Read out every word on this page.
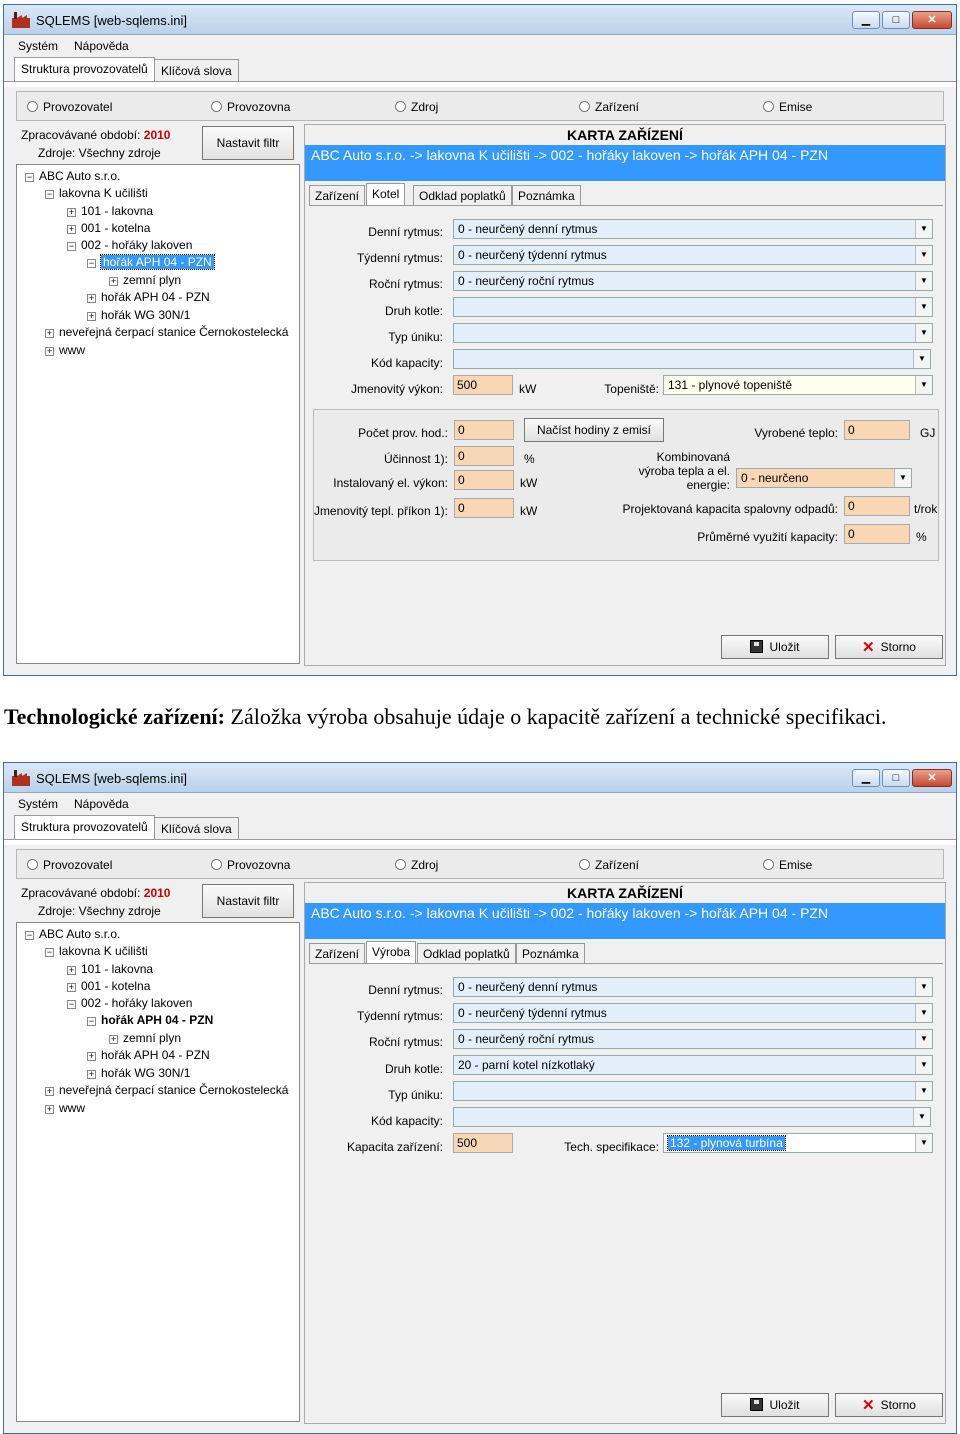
SQLEMS [web-sqlems.ini]	▁	□	✕
Systém Nápověda
Struktura provozovatelů	Klíčová slova
Provozovatel	Provozovna	Zdroj	Zařízení	Emise
Zpracovávané období: 2010
Zdroje: Všechny zdroje
Nastavit filtr
− ABC Auto s.r.o.
− lakovna K učilišti
+ 101 - lakovna
+ 001 - kotelna
− 002 - hořáky lakoven
− hořák APH 04 - PZN
+ zemní plyn
+ hořák APH 04 - PZN
+ hořák WG 30N/1
+ neveřejná čerpací stanice Černokostelecká
+ www
KARTA ZAŘÍZENÍ
ABC Auto s.r.o. -> lakovna K učilišti -> 002 - hořáky lakoven -> hořák APH 04 - PZN
Zařízení	Kotel	Odklad poplatků	Poznámka
Denní rytmus:	0 - neurčený denní rytmus	▼
Týdenní rytmus:	0 - neurčený týdenní rytmus	▼
Roční rytmus:	0 - neurčený roční rytmus	▼
Druh kotle:	▼
Typ úniku:	▼
Kód kapacity:	▼
Jmenovitý výkon:	500	kW	Topeniště: 131 - plynové topeniště	▼
Počet prov. hod.: 0	Načíst hodiny z emisí
Účinnost 1): 0	%
Instalovaný el. výkon: 0	kW
Jmenovitý tepl. příkon 1): 0	kW
Vyrobené teplo: 0	GJ
Kombinovaná
výroba tepla a el.
energie: 0 - neurčeno	▼
Projektovaná kapacita spalovny odpadů: 0	t/rok
Průměrné využití kapacity: 0	%
Uložit	✕ Storno
Technologické zařízení: Záložka výroba obsahuje údaje o kapacitě zařízení a technické specifikaci.
SQLEMS [web-sqlems.ini]	▁	□	✕
Systém Nápověda
Struktura provozovatelů	Klíčová slova
Provozovatel	Provozovna	Zdroj	Zařízení	Emise
Zpracovávané období: 2010
Zdroje: Všechny zdroje
Nastavit filtr
− ABC Auto s.r.o.
− lakovna K učilišti
+ 101 - lakovna
+ 001 - kotelna
− 002 - hořáky lakoven
− hořák APH 04 - PZN
+ zemní plyn
+ hořák APH 04 - PZN
+ hořák WG 30N/1
+ neveřejná čerpací stanice Černokostelecká
+ www
KARTA ZAŘÍZENÍ
ABC Auto s.r.o. -> lakovna K učilišti -> 002 - hořáky lakoven -> hořák APH 04 - PZN
Zařízení	Výroba	Odklad poplatků	Poznámka
Denní rytmus:	0 - neurčený denní rytmus	▼
Týdenní rytmus:	0 - neurčený týdenní rytmus	▼
Roční rytmus:	0 - neurčený roční rytmus	▼
Druh kotle:	20 - parní kotel nízkotlaký	▼
Typ úniku:	▼
Kód kapacity:	▼
Kapacita zařízení:	500	Tech. specifikace: 132 - plynová turbína	▼
Uložit	✕ Storno
